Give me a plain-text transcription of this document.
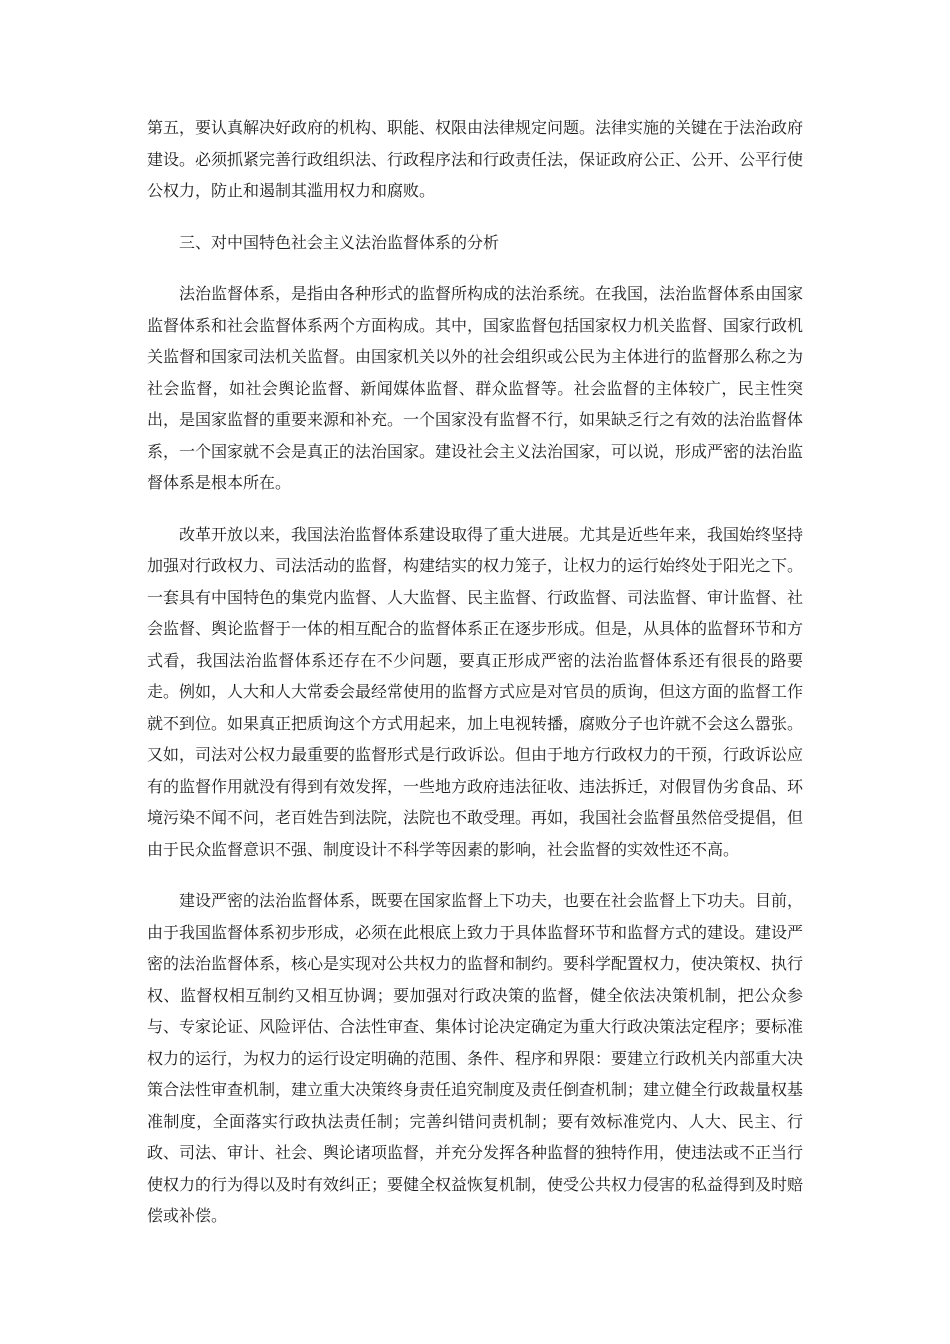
第五，要认真解决好政府的机构、职能、权限由法律规定问题。法律实施的关键在于法治政府建设。必须抓紧完善行政组织法、行政程序法和行政责任法，保证政府公正、公开、公平行使公权力，防止和遏制其滥用权力和腐败。

三、对中国特色社会主义法治监督体系的分析

法治监督体系，是指由各种形式的监督所构成的法治系统。在我国，法治监督体系由国家监督体系和社会监督体系两个方面构成。其中，国家监督包括国家权力机关监督、国家行政机关监督和国家司法机关监督。由国家机关以外的社会组织或公民为主体进行的监督那么称之为社会监督，如社会舆论监督、新闻媒体监督、群众监督等。社会监督的主体较广，民主性突出，是国家监督的重要来源和补充。一个国家没有监督不行，如果缺乏行之有效的法治监督体系，一个国家就不会是真正的法治国家。建设社会主义法治国家，可以说，形成严密的法治监督体系是根本所在。

改革开放以来，我国法治监督体系建设取得了重大进展。尤其是近些年来，我国始终坚持加强对行政权力、司法活动的监督，构建结实的权力笼子，让权力的运行始终处于阳光之下。一套具有中国特色的集党内监督、人大监督、民主监督、行政监督、司法监督、审计监督、社会监督、舆论监督于一体的相互配合的监督体系正在逐步形成。但是，从具体的监督环节和方式看，我国法治监督体系还存在不少问题，要真正形成严密的法治监督体系还有很長的路要走。例如，人大和人大常委会最经常使用的监督方式应是对官员的质询，但这方面的监督工作就不到位。如果真正把质询这个方式用起来，加上电视转播，腐败分子也许就不会这么嚣张。又如，司法对公权力最重要的监督形式是行政诉讼。但由于地方行政权力的干预，行政诉讼应有的监督作用就没有得到有效发挥，一些地方政府违法征收、违法拆迁，对假冒伪劣食品、环境污染不闻不问，老百姓告到法院，法院也不敢受理。再如，我国社会监督虽然倍受提倡，但由于民众监督意识不强、制度设计不科学等因素的影响，社会监督的实效性还不高。

建设严密的法治监督体系，既要在国家监督上下功夫，也要在社会监督上下功夫。目前，由于我国监督体系初步形成，必须在此根底上致力于具体监督环节和监督方式的建设。建设严密的法治监督体系，核心是实现对公共权力的监督和制约。要科学配置权力，使决策权、执行权、监督权相互制约又相互协调；要加强对行政决策的监督，健全依法决策机制，把公众参与、专家论证、风险评估、合法性审查、集体讨论决定确定为重大行政决策法定程序；要标准权力的运行，为权力的运行设定明确的范围、条件、程序和界限：要建立行政机关内部重大决策合法性审查机制，建立重大决策终身责任追究制度及责任倒查机制；建立健全行政裁量权基准制度，全面落实行政执法责任制；完善纠错问责机制；要有效标准党内、人大、民主、行政、司法、审计、社会、舆论诸项监督，并充分发挥各种监督的独特作用，使违法或不正当行使权力的行为得以及时有效纠正；要健全权益恢复机制，使受公共权力侵害的私益得到及时赔偿或补偿。
